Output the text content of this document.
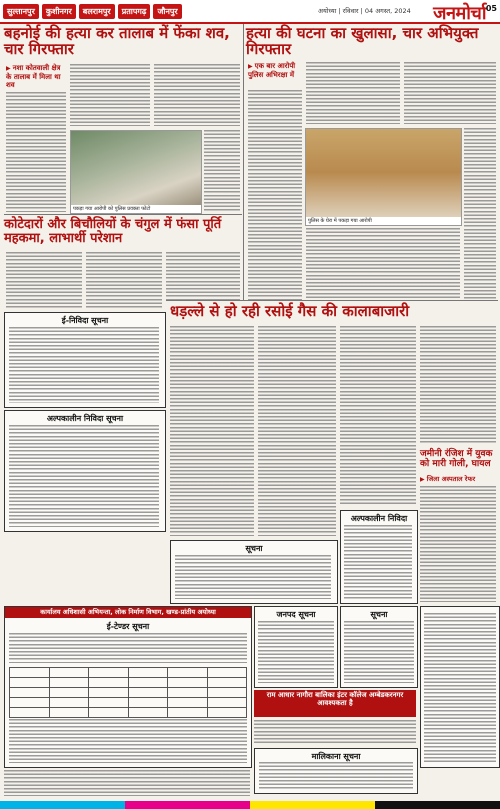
सुल्तानपुर	कुशीनगर	बलरामपुर	प्रतापगढ़	जौनपुर	अयोध्या | रविवार | 04 अगस्त, 2024 जनमोर्चा 05
बहनोई की हत्या कर तालाब में फेंका शव, चार गिरफ्तार
▶ नशा कोतवाली क्षेत्र के तालाब में मिला था शव
पकड़ा गया आरोपी को पुलिस प्रवक्ता फोटो
हत्या की घटना का खुलासा, चार अभियुक्त गिरफ्तार
▶ एक बार आरोपी पुलिस अभिरक्षा में
पुलिस के घेरा में पकड़ा गया आरोपी
कोटेदारों और बिचौलियों के चंगुल में फंसा पूर्ति महकमा, लाभार्थी परेशान
धड़ल्ले से हो रही रसोई गैस की कालाबाजारी
ई-निविदा सूचना
अल्पकालीन निविदा सूचना
सूचना
अल्पकालीन निविदा
जमीनी रंजिश में युवक को मारी गोली, घायल
▶ जिला अस्पताल रेफर
कार्यालय अधिशासी अभियन्ता, लोक निर्माण विभाग, खण्ड-प्रांतीय अयोध्या
ई-टेण्डर सूचना

जनपद सूचना	सूचना
राम आधार नागौरा बालिका इंटर कॉलेज अम्बेडकरनगर आवश्यकता है
मालिकाना सूचना
